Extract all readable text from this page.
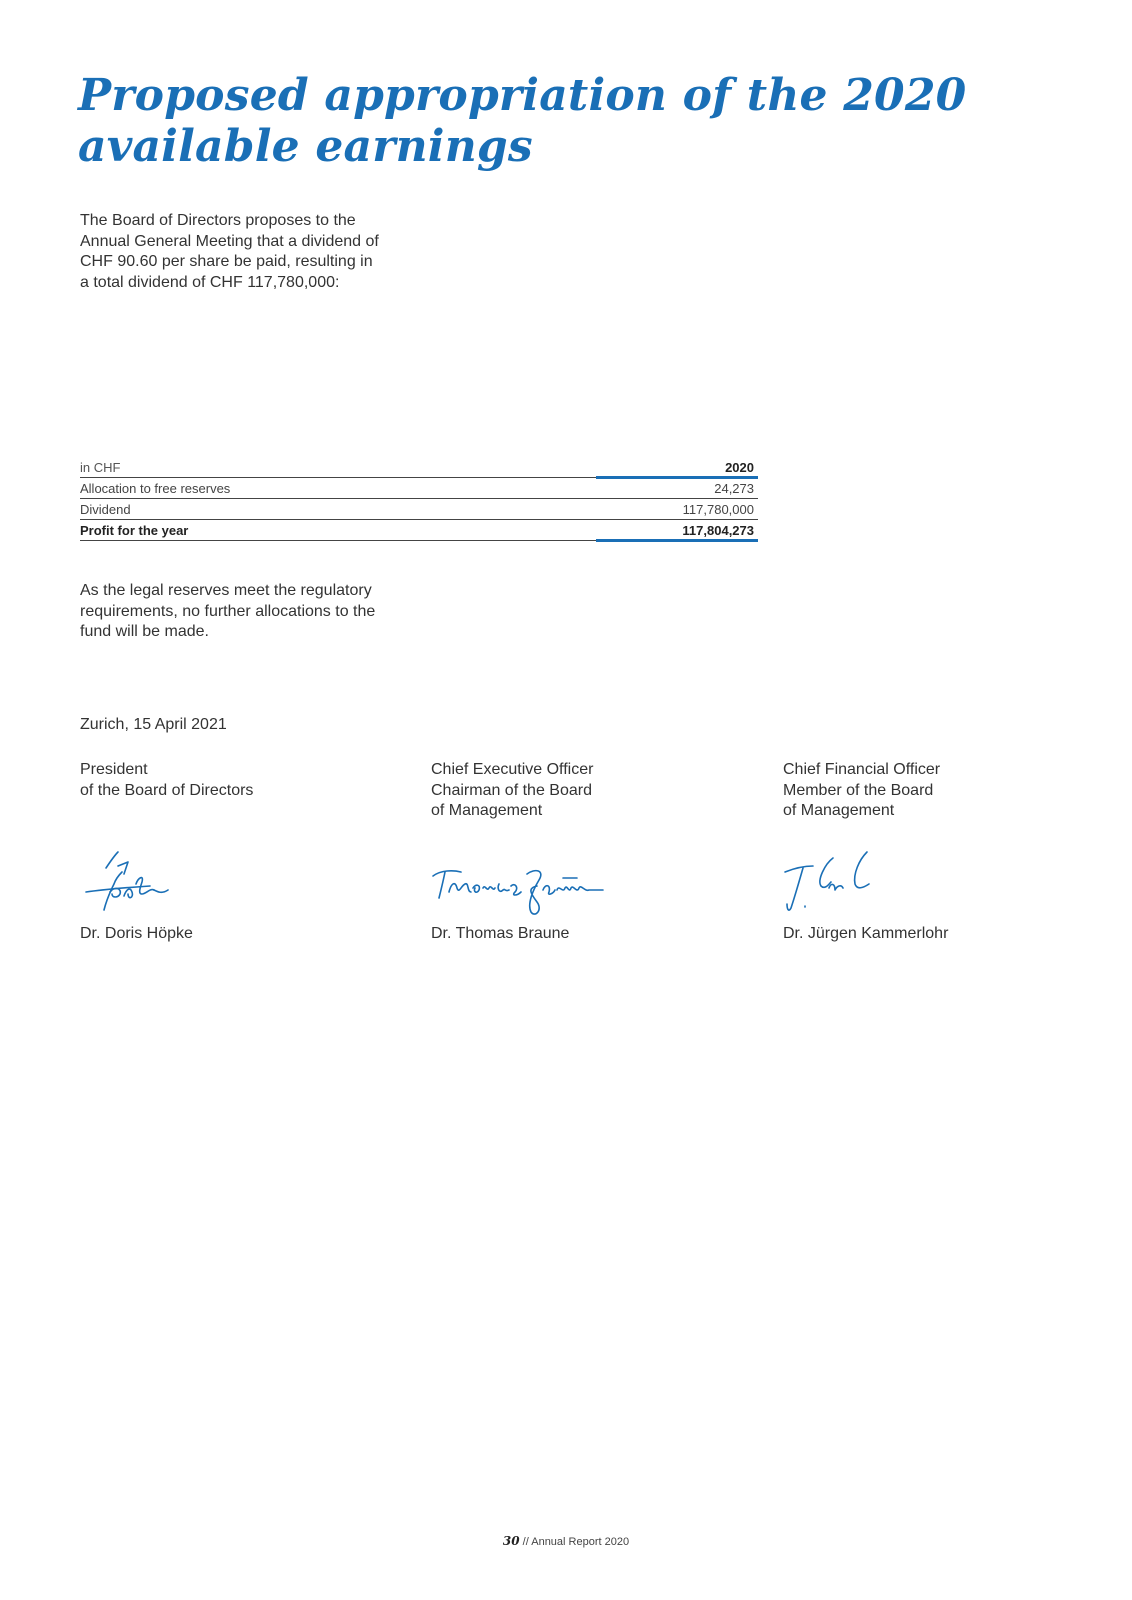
Proposed appropriation of the 2020
available earnings

The Board of Directors proposes to the Annual General Meeting that a dividend of CHF 90.60 per share be paid, resulting in a total dividend of CHF 117,780,000:

in CHF	2020
Allocation to free reserves	24,273
Dividend	117,780,000
Profit for the year	117,804,273

As the legal reserves meet the regulatory requirements, no further allocations to the fund will be made.

Zurich, 15 April 2021
President
of the Board of Directors
Dr. Doris Höpke
Chief Executive Officer
Chairman of the Board
of Management
Dr. Thomas Braune
Chief Financial Officer
Member of the Board
of Management
Dr. Jürgen Kammerlohr
30 // Annual Report 2020
